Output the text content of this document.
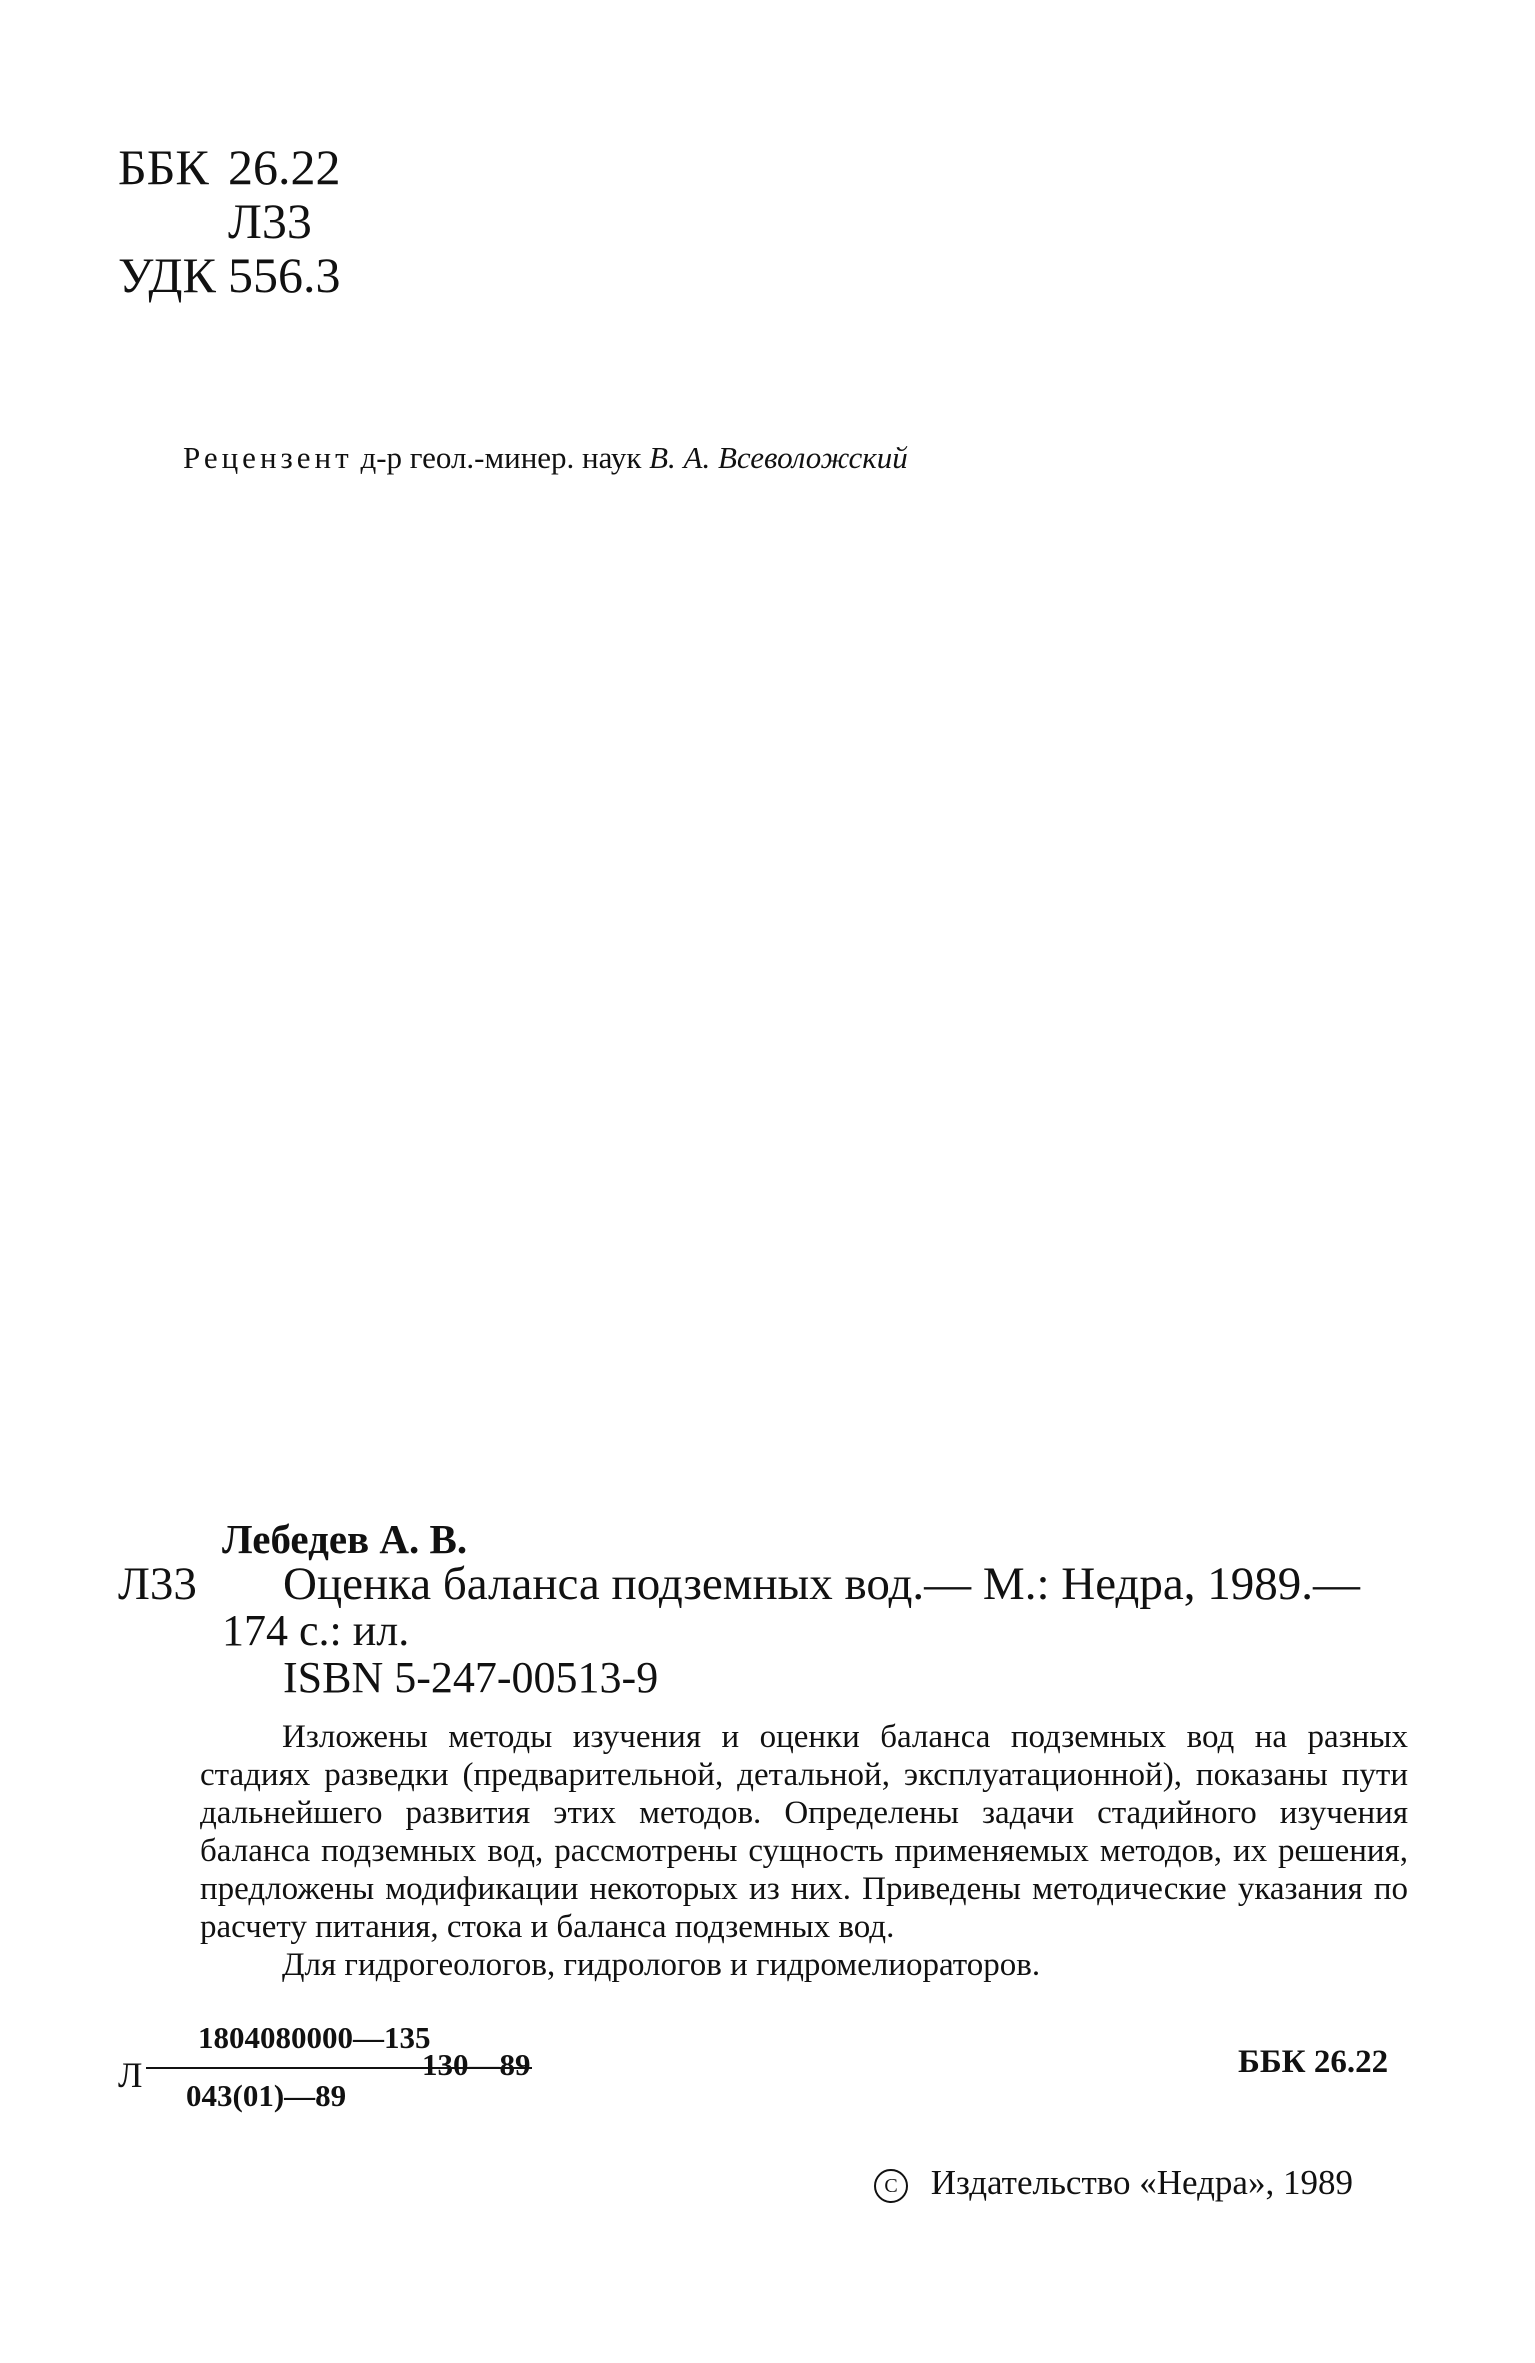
ББК 26.22
Л33
УДК 556.3
Рецензент д-р геол.-минер. наук В. А. Всеволожский
Лебедев А. В.
Л33 Оценка баланса подземных вод.— М.: Недра, 1989.—
174 с.: ил.
ISBN 5-247-00513-9

Изложены методы изучения и оценки баланса подземных вод на разных стадиях разведки (предварительной, детальной, эксплуатационной), показаны пути дальнейшего развития этих методов. Определены задачи стадийного изучения баланса подземных вод, рассмотрены сущность применяемых методов, их решения, предложены модификации некоторых из них. Приведены методические указания по расчету питания, стока и баланса подземных вод.

Для гидрогеологов, гидрологов и гидромелиораторов.

Л
1804080000—135
043(01)—89
130—89	ББК 26.22
C Издательство «Недра», 1989
